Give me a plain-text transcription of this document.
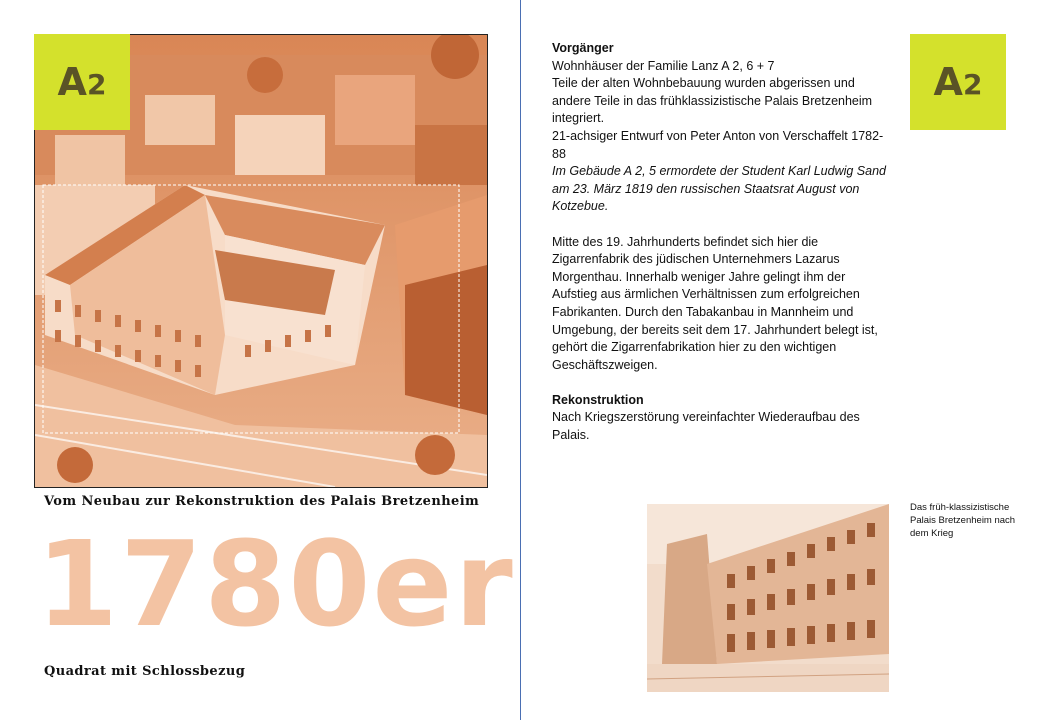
A 2
Vom Neubau zur Rekonstruktion des Palais Bretzenheim
1780er
Quadrat mit Schlossbezug
A 2

Vorgänger

Wohnhäuser der Familie Lanz A 2, 6 + 7

Teile der alten Wohnbebauung wurden abgerissen und andere Teile in das frühklassizistische Palais Bretzenheim integriert.

21-achsiger Entwurf von Peter Anton von Verschaffelt 1782-88

Im Gebäude A 2, 5 ermordete der Student Karl Ludwig Sand am 23. März 1819 den russischen Staatsrat August von Kotzebue.

Mitte des 19. Jahrhunderts befindet sich hier die Zigarrenfabrik des jüdischen Unternehmers Lazarus Morgenthau. Innerhalb weniger Jahre gelingt ihm der Aufstieg aus ärmlichen Verhältnissen zum erfolgreichen Fabrikanten. Durch den Tabakanbau in Mannheim und Umgebung, der bereits seit dem 17. Jahrhundert belegt ist, gehört die Zigarrenfabrikation hier zu den wichtigen Geschäftszweigen.

Rekonstruktion

Nach Kriegszerstörung vereinfachter Wiederaufbau des Palais.

Das früh-klassizistische Palais Bretzenheim nach dem Krieg
